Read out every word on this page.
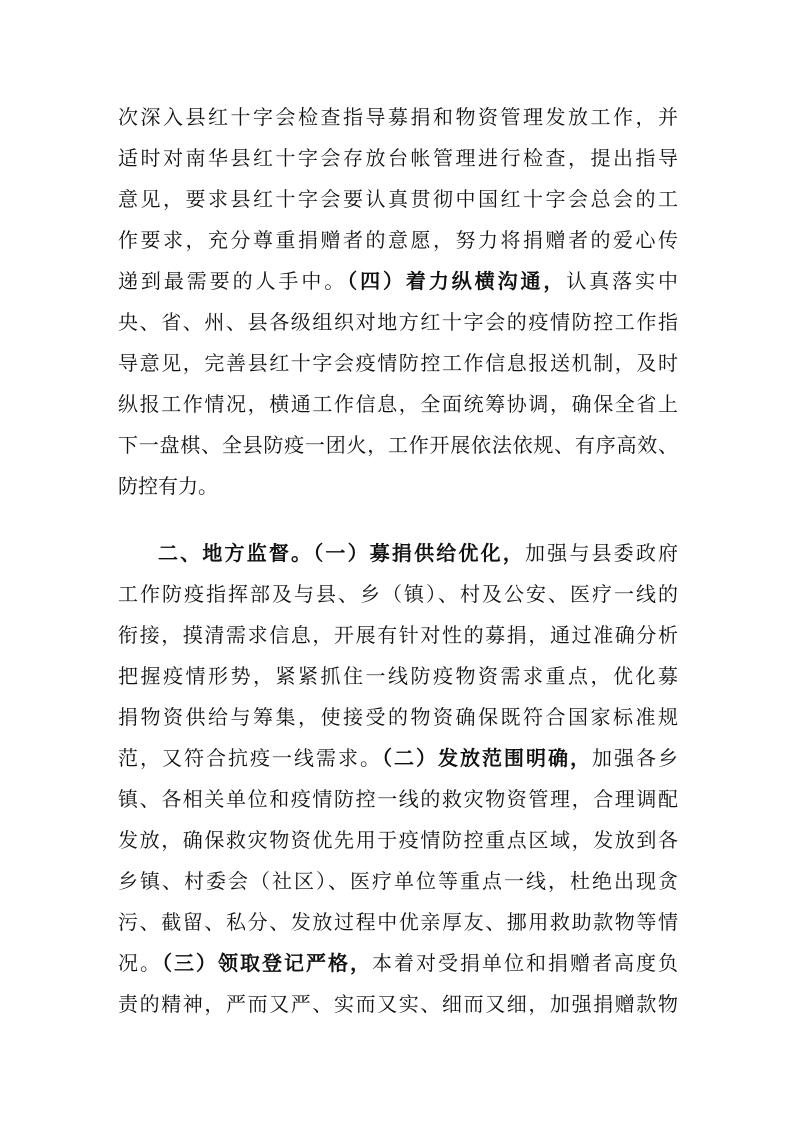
次深入县红十字会检查指导募捐和物资管理发放工作，并
适时对南华县红十字会存放台帐管理进行检查，提出指导
意见，要求县红十字会要认真贯彻中国红十字会总会的工
作要求，充分尊重捐赠者的意愿，努力将捐赠者的爱心传
递到最需要的人手中。（四）着力纵横沟通，认真落实中
央、省、州、县各级组织对地方红十字会的疫情防控工作指
导意见，完善县红十字会疫情防控工作信息报送机制，及时
纵报工作情况，横通工作信息，全面统筹协调，确保全省上
下一盘棋、全县防疫一团火，工作开展依法依规、有序高效、
防控有力。
二、地方监督。（一）募捐供给优化，加强与县委政府
工作防疫指挥部及与县、乡（镇）、村及公安、医疗一线的
衔接，摸清需求信息，开展有针对性的募捐，通过准确分析
把握疫情形势，紧紧抓住一线防疫物资需求重点，优化募
捐物资供给与筹集，使接受的物资确保既符合国家标准规
范，又符合抗疫一线需求。（二）发放范围明确，加强各乡
镇、各相关单位和疫情防控一线的救灾物资管理，合理调配
发放，确保救灾物资优先用于疫情防控重点区域，发放到各
乡镇、村委会（社区）、医疗单位等重点一线，杜绝出现贪
污、截留、私分、发放过程中优亲厚友、挪用救助款物等情
况。（三）领取登记严格，本着对受捐单位和捐赠者高度负
责的精神，严而又严、实而又实、细而又细，加强捐赠款物
